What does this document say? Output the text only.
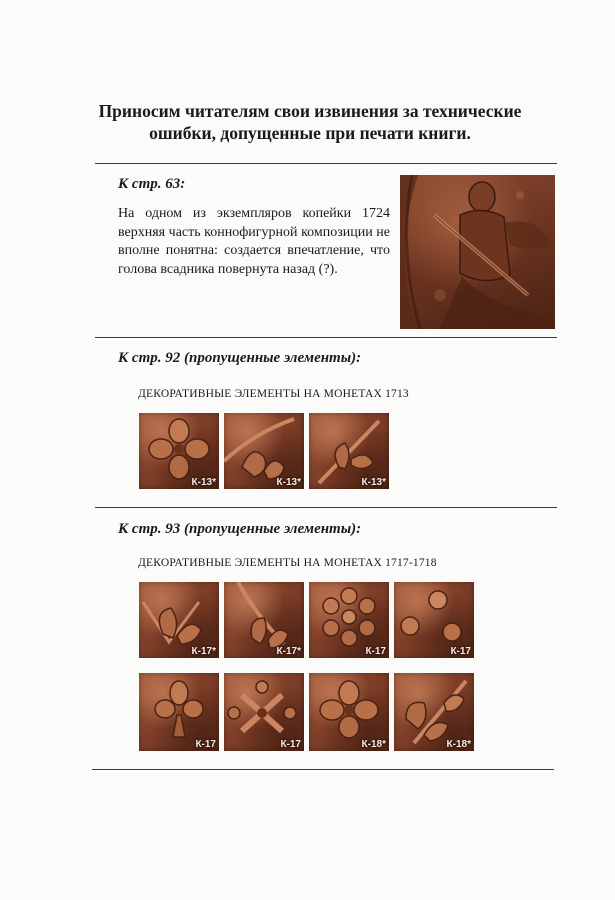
Приносим читателям свои извинения за технические
ошибки, допущенные при печати книги.
К стр. 63:
На одном из экземпляров копейки 1724 верхняя часть коннофигурной композиции не вполне понятна: создается впечатление, что голова всадника повернута назад (?).
К стр. 92 (пропущенные элементы):
ДЕКОРАТИВНЫЕ ЭЛЕМЕНТЫ НА МОНЕТАХ 1713
К-13*	К-13*	К-13*
К стр. 93 (пропущенные элементы):
ДЕКОРАТИВНЫЕ ЭЛЕМЕНТЫ НА МОНЕТАХ 1717-1718
К-17*	К-17*	К-17	К-17
К-17	К-17	К-18*	К-18*
